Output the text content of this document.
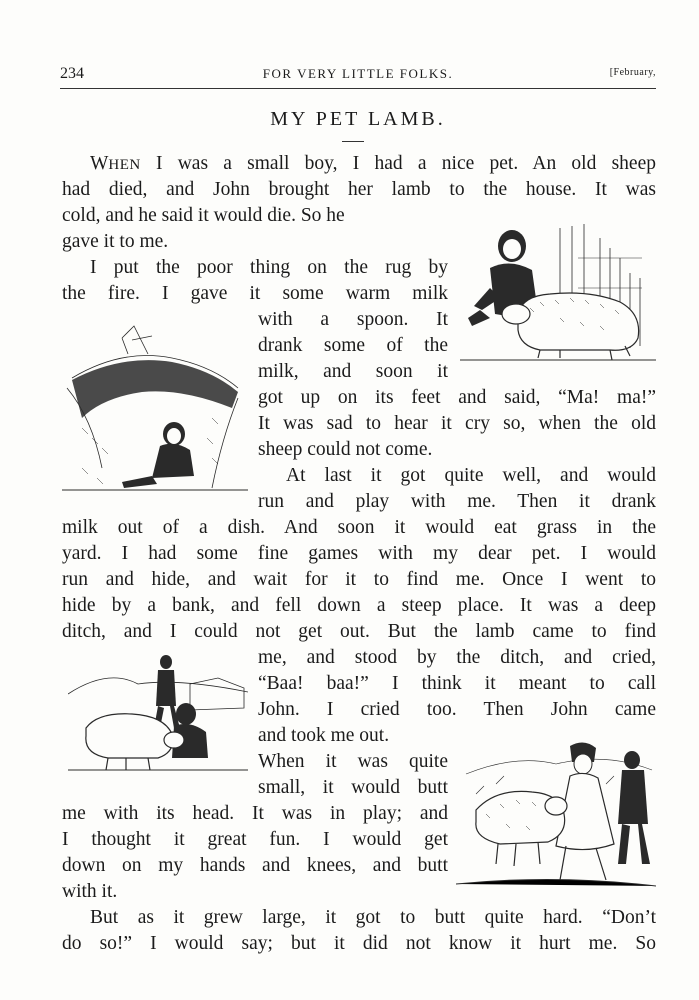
234	FOR VERY LITTLE FOLKS.	[February,
MY PET LAMB.
WHEN I was a small boy, I had a nice pet. An old sheep
had died, and John brought her lamb to the house. It was
cold, and he said it would die. So he
gave it to me.
I put the poor thing on the rug by
the fire. I gave it some warm milk
with a spoon. It
drank some of the
milk, and soon it
got up on its feet and said, “Ma! ma!”
It was sad to hear it cry so, when the old
sheep could not come.
At last it got quite well, and would
run and play with me. Then it drank
milk out of a dish. And soon it would eat grass in the
yard. I had some fine games with my dear pet. I would
run and hide, and wait for it to find me. Once I went to
hide by a bank, and fell down a steep place. It was a deep
ditch, and I could not get out. But the lamb came to find
me, and stood by the ditch, and cried,
“Baa! baa!” I think it meant to call
John. I cried too. Then John came
and took me out.
When it was quite
small, it would butt
me with its head. It was in play; and
I thought it great fun. I would get
down on my hands and knees, and butt
with it.
But as it grew large, it got to butt quite hard. “Don’t
do so!” I would say; but it did not know it hurt me. So
